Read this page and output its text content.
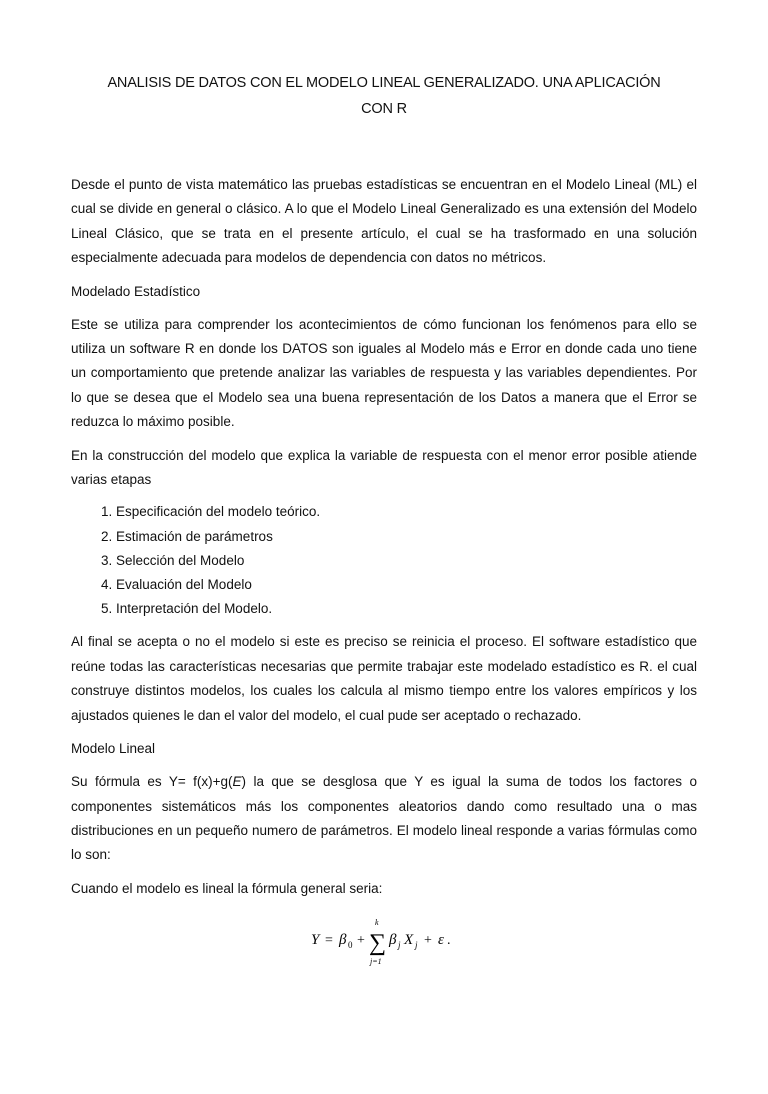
ANALISIS DE DATOS CON EL MODELO LINEAL GENERALIZADO. UNA APLICACIÓN
CON R

Desde el punto de vista matemático las pruebas estadísticas se encuentran en el Modelo Lineal (ML) el cual se divide en general o clásico. A lo que el Modelo Lineal Generalizado es una extensión del Modelo Lineal Clásico, que se trata en el presente artículo, el cual se ha trasformado en una solución especialmente adecuada para modelos de dependencia con datos no métricos.

Modelado Estadístico

Este se utiliza para comprender los acontecimientos de cómo funcionan los fenómenos para ello se utiliza un software R en donde los DATOS son iguales al Modelo más e Error en donde cada uno tiene un comportamiento que pretende analizar las variables de respuesta y las variables dependientes. Por lo que se desea que el Modelo sea una buena representación de los Datos a manera que el Error se reduzca lo máximo posible.

En la construcción del modelo que explica la variable de respuesta con el menor error posible atiende varias etapas

1. Especificación del modelo teórico.
2. Estimación de parámetros
3. Selección del Modelo
4. Evaluación del Modelo
5. Interpretación del Modelo.

Al final se acepta o no el modelo si este es preciso se reinicia el proceso. El software estadístico que reúne todas las características necesarias que permite trabajar este modelado estadístico es R. el cual construye distintos modelos, los cuales los calcula al mismo tiempo entre los valores empíricos y los ajustados quienes le dan el valor del modelo, el cual pude ser aceptado o rechazado.

Modelo Lineal

Su fórmula es Y= f(x)+g(E) la que se desglosa que Y es igual la suma de todos los factores o componentes sistemáticos más los componentes aleatorios dando como resultado una o mas distribuciones en un pequeño numero de parámetros. El modelo lineal responde a varias fórmulas como lo son:

Cuando el modelo es lineal la fórmula general seria:

Y = β 0 +
k
∑
j=1
β j X j + ε .
